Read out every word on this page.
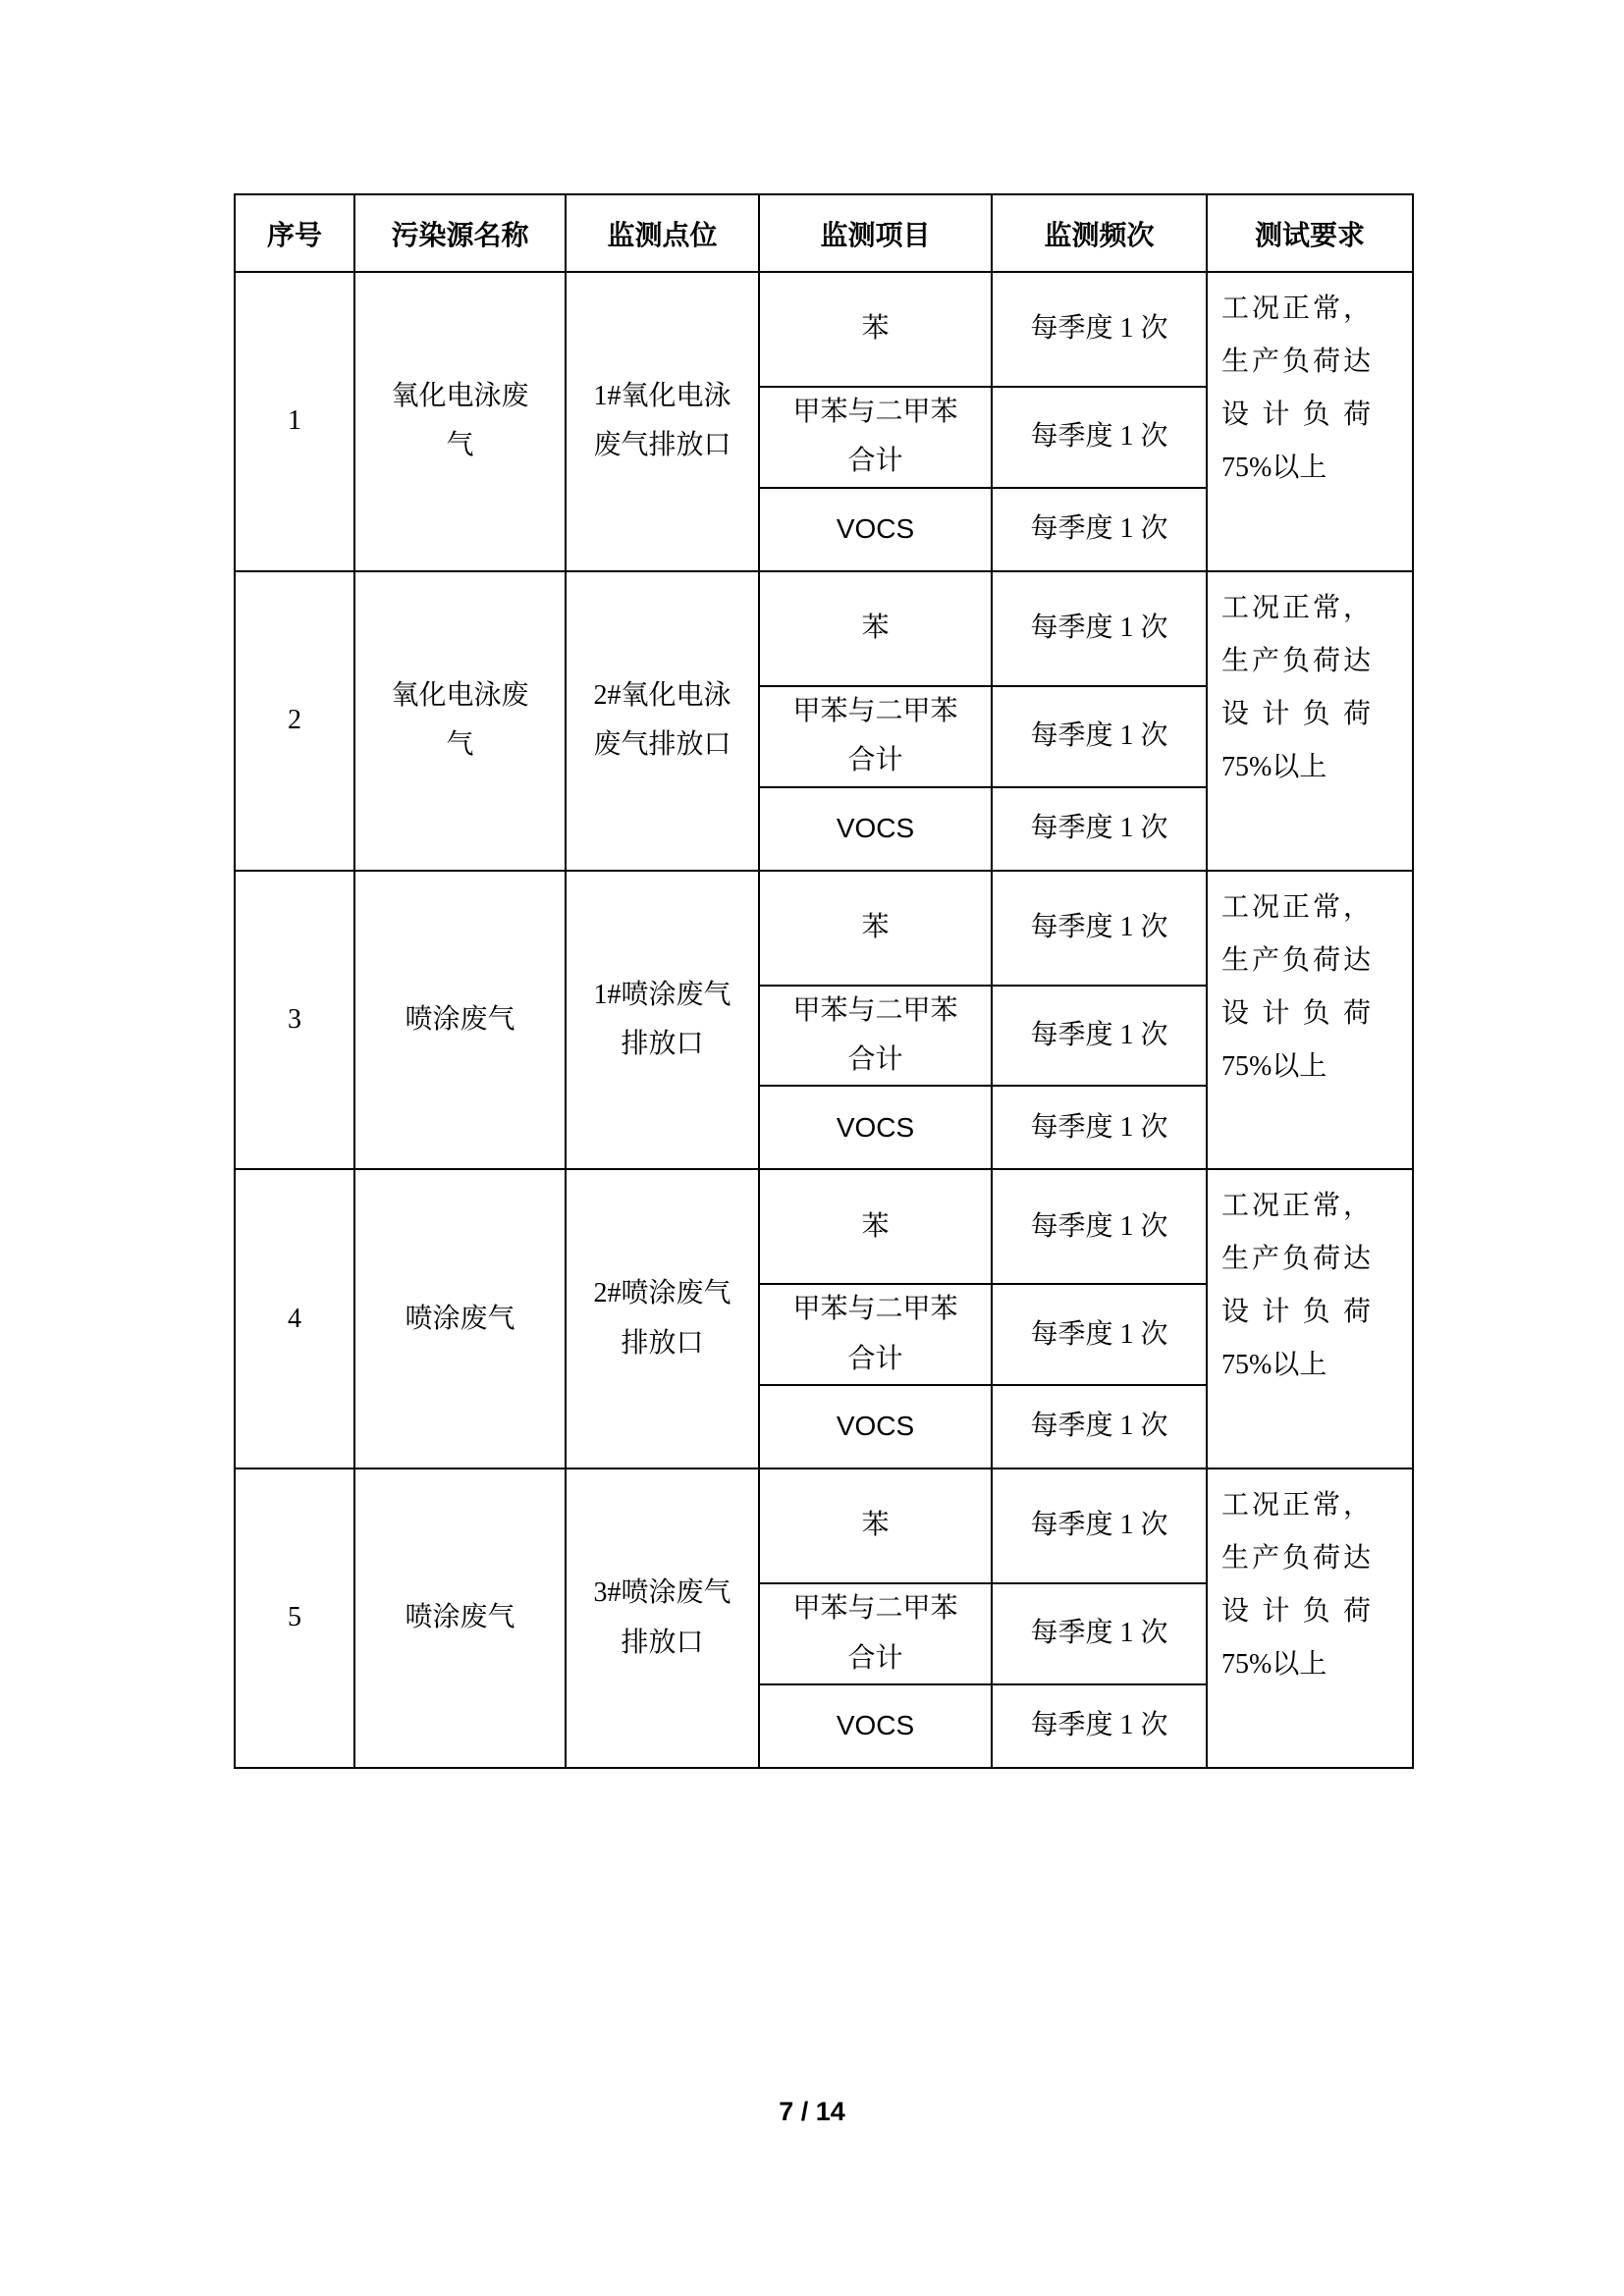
序号	污染源名称	监测点位	监测项目	监测频次	测试要求
1	氧化电泳废气	1#氧化电泳废气排放口	苯	每季度 1 次	工况正常，生产负荷达设计负荷75%以上

			甲苯与二甲苯合计	每季度 1 次	
			VOCS	每季度 1 次	
2	氧化电泳废气	2#氧化电泳废气排放口	苯	每季度 1 次	工况正常，生产负荷达设计负荷75%以上

			甲苯与二甲苯合计	每季度 1 次	
			VOCS	每季度 1 次	
3	喷涂废气	1#喷涂废气排放口	苯	每季度 1 次	工况正常，生产负荷达设计负荷75%以上

			甲苯与二甲苯合计	每季度 1 次	
			VOCS	每季度 1 次	
4	喷涂废气	2#喷涂废气排放口	苯	每季度 1 次	工况正常，生产负荷达设计负荷75%以上

			甲苯与二甲苯合计	每季度 1 次	
			VOCS	每季度 1 次	
5	喷涂废气	3#喷涂废气排放口	苯	每季度 1 次	工况正常，生产负荷达设计负荷75%以上

			甲苯与二甲苯合计	每季度 1 次	
			VOCS	每季度 1 次	
7 / 14
